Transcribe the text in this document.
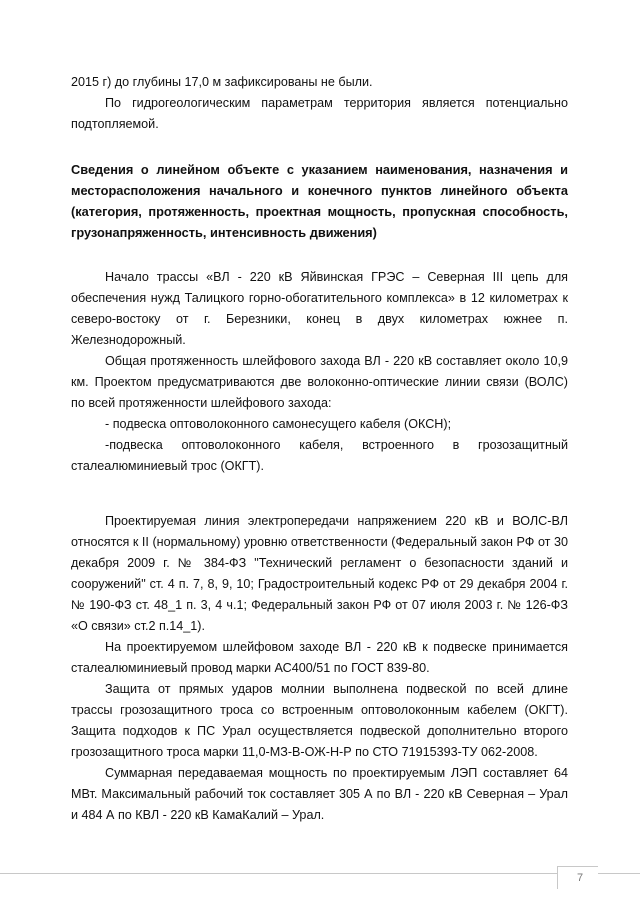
2015 г) до глубины 17,0 м зафиксированы не были.

По гидрогеологическим параметрам территория является потенциально подтопляемой.

Сведения о линейном объекте с указанием наименования, назначения и месторасположения начального и конечного пунктов линейного объекта (категория, протяженность, проектная мощность, пропускная способность, грузонапряженность, интенсивность движения)

Начало трассы «ВЛ - 220 кВ Яйвинская ГРЭС – Северная III цепь для обеспечения нужд Талицкого горно-обогатительного комплекса» в 12 километрах к северо-востоку от г. Березники, конец в двух километрах южнее п. Железнодорожный.

Общая протяженность шлейфового захода ВЛ - 220 кВ составляет около 10,9 км. Проектом предусматриваются две волоконно-оптические линии связи (ВОЛС) по всей протяженности шлейфового захода:

- подвеска оптоволоконного самонесущего кабеля (ОКСН);

-подвеска оптоволоконного кабеля, встроенного в грозозащитный сталеалюминиевый трос (ОКГТ).

Проектируемая линия электропередачи напряжением 220 кВ и ВОЛС-ВЛ относятся к II (нормальному) уровню ответственности (Федеральный закон РФ от 30 декабря 2009 г. № 384-ФЗ "Технический регламент о безопасности зданий и сооружений" ст. 4 п. 7, 8, 9, 10; Градостроительный кодекс РФ от 29 декабря 2004 г. № 190-ФЗ ст. 48_1 п. 3, 4 ч.1; Федеральный закон РФ от 07 июля 2003 г. № 126-ФЗ «О связи» ст.2 п.14_1).

На проектируемом шлейфовом заходе ВЛ - 220 кВ к подвеске принимается сталеалюминиевый провод марки АС400/51 по ГОСТ 839-80.

Защита от прямых ударов молнии выполнена подвеской по всей длине трассы грозозащитного троса со встроенным оптоволоконным кабелем (ОКГТ). Защита подходов к ПС Урал осуществляется подвеской дополнительно второго грозозащитного троса марки 11,0-МЗ-В-ОЖ-Н-Р по СТО 71915393-ТУ 062-2008.

Суммарная передаваемая мощность по проектируемым ЛЭП составляет 64 МВт. Максимальный рабочий ток составляет 305 А по ВЛ - 220 кВ Северная – Урал и 484 А по КВЛ - 220 кВ КамаКалий – Урал.

7
